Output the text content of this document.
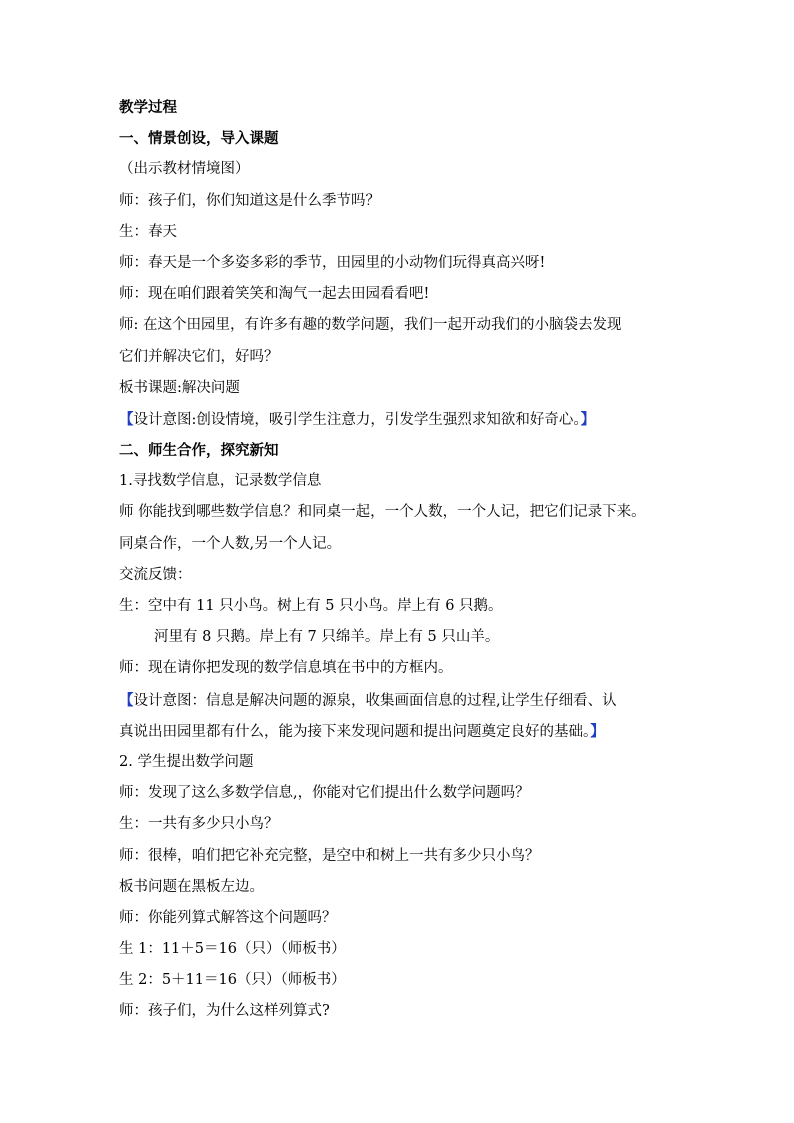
教学过程
一、情景创设，导入课题
（出示教材情境图）
师：孩子们，你们知道这是什么季节吗？
生：春天
师：春天是一个多姿多彩的季节，田园里的小动物们玩得真高兴呀!
师：现在咱们跟着笑笑和淘气一起去田园看看吧!
师: 在这个田园里，有许多有趣的数学问题，我们一起开动我们的小脑袋去发现
它们并解决它们，好吗？
板书课题:解决问题
【设计意图:创设情境，吸引学生注意力，引发学生强烈求知欲和好奇心。】
二、师生合作，探究新知
1.寻找数学信息，记录数学信息
师 你能找到哪些数学信息？和同桌一起，一个人数，一个人记，把它们记录下来。
同桌合作，一个人数,另一个人记。
交流反馈：
生：空中有 11 只小鸟。树上有 5 只小鸟。岸上有 6 只鹅。
河里有 8 只鹅。岸上有 7 只绵羊。岸上有 5 只山羊。
师：现在请你把发现的数学信息填在书中的方框内。
【设计意图：信息是解决问题的源泉，收集画面信息的过程,让学生仔细看、认
真说出田园里都有什么，能为接下来发现问题和提出问题奠定良好的基础。】
2. 学生提出数学问题
师：发现了这么多数学信息,，你能对它们提出什么数学问题吗？
生：一共有多少只小鸟？
师：很棒，咱们把它补充完整，是空中和树上一共有多少只小鸟？
板书问题在黑板左边。
师：你能列算式解答这个问题吗？
生 1：11＋5＝16（只）（师板书）
生 2：5＋11＝16（只）（师板书）
师：孩子们，为什么这样列算式?
